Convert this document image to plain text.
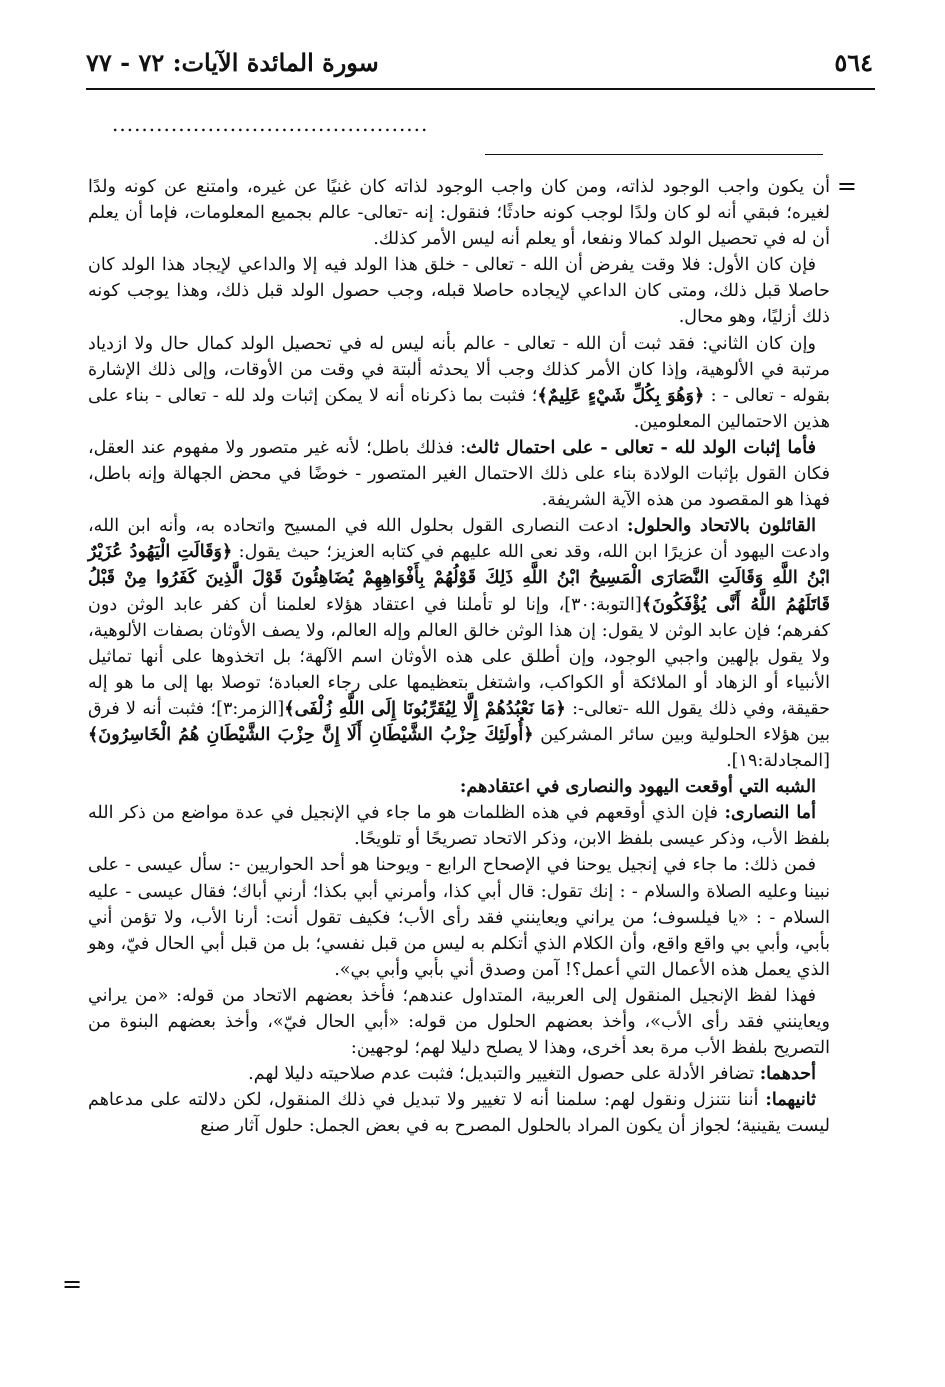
٥٦٤
سورة المائدة الآيات: ٧٢ - ٧٧
...........................................
=
=

أن يكون واجب الوجود لذاته، ومن كان واجب الوجود لذاته كان غنيًا عن غيره، وامتنع عن كونه ولدًا لغيره؛ فبقي أنه لو كان ولدًا لوجب كونه حادثًا؛ فنقول: إنه -تعالى- عالم بجميع المعلومات، فإما أن يعلم أن له في تحصيل الولد كمالا ونفعا، أو يعلم أنه ليس الأمر كذلك.

فإن كان الأول: فلا وقت يفرض أن الله - تعالى - خلق هذا الولد فيه إلا والداعي لإيجاد هذا الولد كان حاصلا قبل ذلك، ومتى كان الداعي لإيجاده حاصلا قبله، وجب حصول الولد قبل ذلك، وهذا يوجب كونه ذلك أزليًا، وهو محال.

وإن كان الثاني: فقد ثبت أن الله - تعالى - عالم بأنه ليس له في تحصيل الولد كمال حال ولا ازدياد مرتبة في الألوهية، وإذا كان الأمر كذلك وجب ألا يحدثه ألبتة في وقت من الأوقات، وإلى ذلك الإشارة بقوله - تعالى - : ﴿وَهُوَ بِكُلِّ شَيْءٍ عَلِيمٌ﴾؛ فثبت بما ذكرناه أنه لا يمكن إثبات ولد لله - تعالى - بناء على هذين الاحتمالين المعلومين.

فأما إثبات الولد لله - تعالى - على احتمال ثالث: فذلك باطل؛ لأنه غير متصور ولا مفهوم عند العقل، فكان القول بإثبات الولادة بناء على ذلك الاحتمال الغير المتصور - خوضًا في محض الجهالة وإنه باطل، فهذا هو المقصود من هذه الآية الشريفة.

القائلون بالاتحاد والحلول: ادعت النصارى القول بحلول الله في المسيح واتحاده به، وأنه ابن الله، وادعت اليهود أن عزيرًا ابن الله، وقد نعى الله عليهم في كتابه العزيز؛ حيث يقول: ﴿وَقَالَتِ الْيَهُودُ عُزَيْرٌ ابْنُ اللَّهِ وَقَالَتِ النَّصَارَى الْمَسِيحُ ابْنُ اللَّهِ ذَلِكَ قَوْلُهُمْ بِأَفْوَاهِهِمْ يُضَاهِئُونَ قَوْلَ الَّذِينَ كَفَرُوا مِنْ قَبْلُ قَاتَلَهُمُ اللَّهُ أَنَّى يُؤْفَكُونَ﴾[التوبة:٣٠]، وإنا لو تأملنا في اعتقاد هؤلاء لعلمنا أن كفر عابد الوثن دون كفرهم؛ فإن عابد الوثن لا يقول: إن هذا الوثن خالق العالم وإله العالم، ولا يصف الأوثان بصفات الألوهية، ولا يقول بإلهين واجبي الوجود، وإن أطلق على هذه الأوثان اسم الآلهة؛ بل اتخذوها على أنها تماثيل الأنبياء أو الزهاد أو الملائكة أو الكواكب، واشتغل بتعظيمها على رجاء العبادة؛ توصلا بها إلى ما هو إله حقيقة، وفي ذلك يقول الله -تعالى-: ﴿مَا نَعْبُدُهُمْ إِلَّا لِيُقَرِّبُونَا إِلَى اللَّهِ زُلْفَى﴾[الزمر:٣]؛ فثبت أنه لا فرق بين هؤلاء الحلولية وبين سائر المشركين ﴿أُولَئِكَ حِزْبُ الشَّيْطَانِ أَلَا إِنَّ حِزْبَ الشَّيْطَانِ هُمُ الْخَاسِرُونَ﴾[المجادلة:١٩].

الشبه التي أوقعت اليهود والنصارى في اعتقادهم:

أما النصارى: فإن الذي أوقعهم في هذه الظلمات هو ما جاء في الإنجيل في عدة مواضع من ذكر الله بلفظ الأب، وذكر عيسى بلفظ الابن، وذكر الاتحاد تصريحًا أو تلويحًا.

فمن ذلك: ما جاء في إنجيل يوحنا في الإصحاح الرابع - ويوحنا هو أحد الحواريين -: سأل عيسى - على نبينا وعليه الصلاة والسلام - : إنك تقول: قال أبي كذا، وأمرني أبي بكذا؛ أرني أباك؛ فقال عيسى - عليه السلام - : «يا فيلسوف؛ من يراني ويعاينني فقد رأى الأب؛ فكيف تقول أنت: أرنا الأب، ولا تؤمن أني بأبي، وأبي بي واقع واقع، وأن الكلام الذي أتكلم به ليس من قبل نفسي؛ بل من قبل أبي الحال فيّ، وهو الذي يعمل هذه الأعمال التي أعمل؟! آمن وصدق أني بأبي وأبي بي».

فهذا لفظ الإنجيل المنقول إلى العربية، المتداول عندهم؛ فأخذ بعضهم الاتحاد من قوله: «من يراني ويعاينني فقد رأى الأب»، وأخذ بعضهم الحلول من قوله: «أبي الحال فيّ»، وأخذ بعضهم البنوة من التصريح بلفظ الأب مرة بعد أخرى، وهذا لا يصلح دليلا لهم؛ لوجهين:

أحدهما: تضافر الأدلة على حصول التغيير والتبديل؛ فثبت عدم صلاحيته دليلا لهم.

ثانيهما: أننا نتنزل ونقول لهم: سلمنا أنه لا تغيير ولا تبديل في ذلك المنقول، لكن دلالته على مدعاهم ليست يقينية؛ لجواز أن يكون المراد بالحلول المصرح به في بعض الجمل: حلول آثار صنع
